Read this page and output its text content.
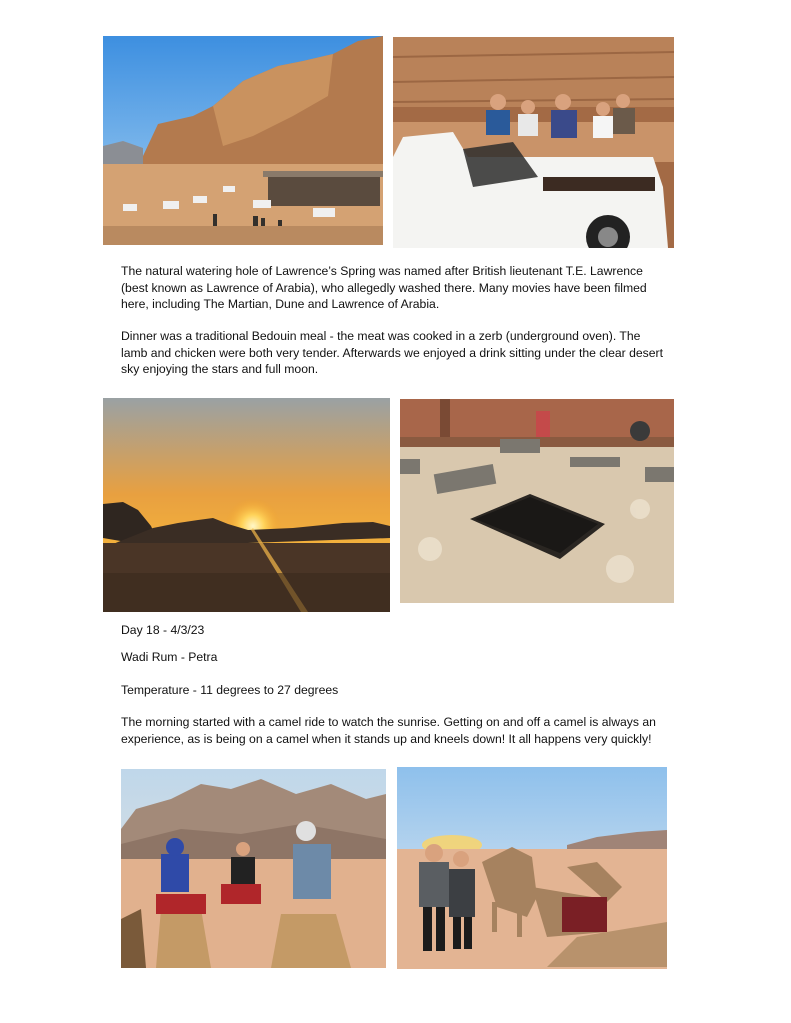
The natural watering hole of Lawrence’s Spring was named after British lieutenant T.E. Lawrence (best known as Lawrence of Arabia), who allegedly washed there. Many movies have been filmed here, including The Martian, Dune and Lawrence of Arabia.

Dinner was a traditional Bedouin meal - the meat was cooked in a zerb (underground oven). The lamb and chicken were both very tender. Afterwards we enjoyed a drink sitting under the clear desert sky enjoying the stars and full moon.

Day 18 - 4/3/23

Wadi Rum - Petra

Temperature - 11 degrees to 27 degrees

The morning started with a camel ride to watch the sunrise. Getting on and off a camel is always an experience, as is being on a camel when it stands up and kneels down! It all happens very quickly!
